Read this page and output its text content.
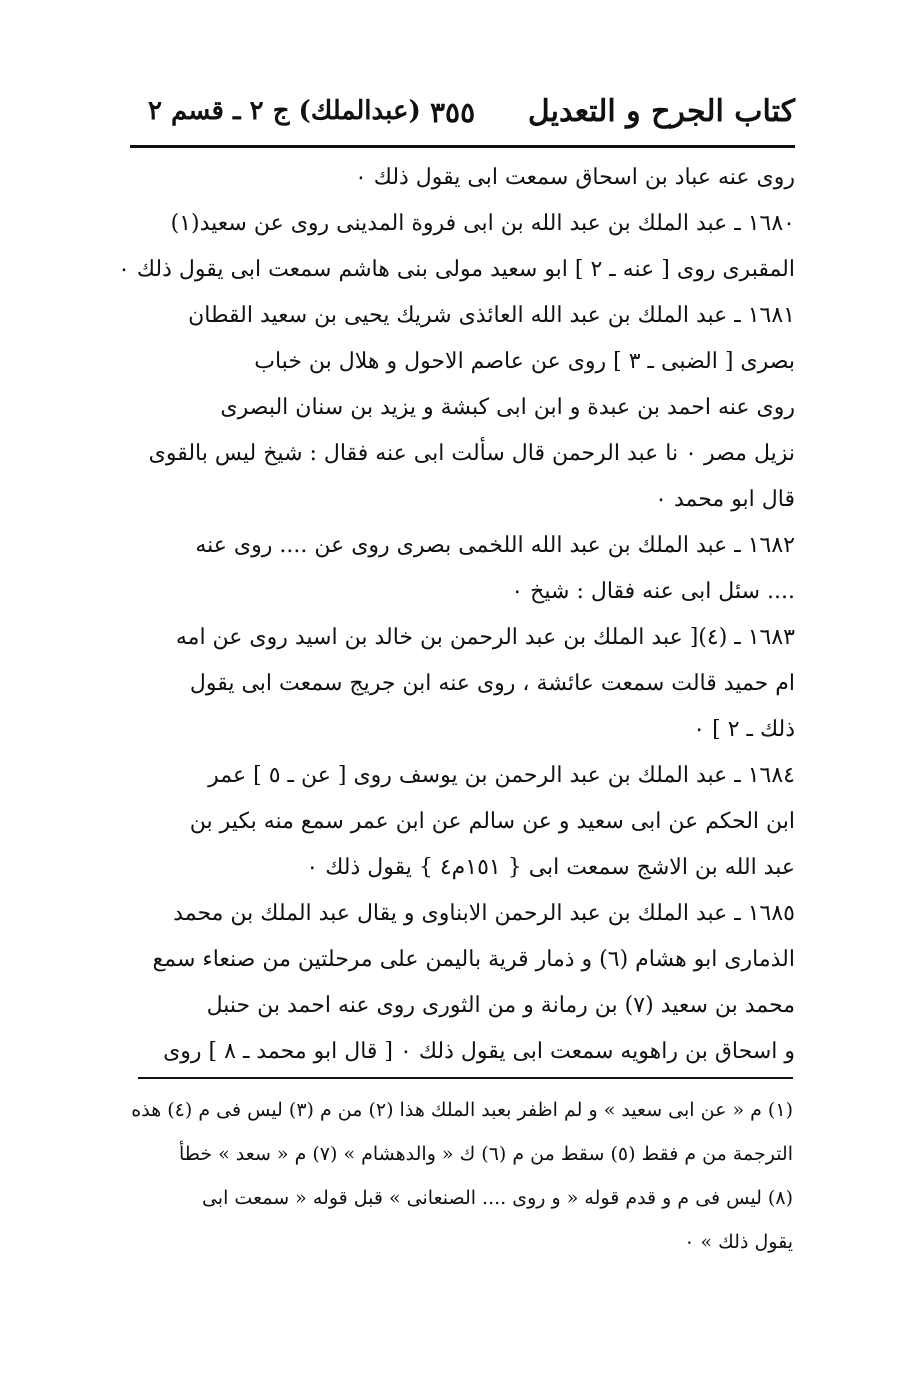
كتاب الجرح و التعديل
٣٥٥
(عبدالملك) ج ٢ ـ قسم ٢
روى عنه عباد بن اسحاق سمعت ابى يقول ذلك ٠
١٦٨٠ ـ عبد الملك بن عبد الله بن ابى فروة المدينى روى عن سعيد(١)
المقبرى روى [ عنه ـ ٢ ] ابو سعيد مولى بنى هاشم سمعت ابى يقول ذلك ٠
١٦٨١ ـ عبد الملك بن عبد الله العائذى شريك يحيى بن سعيد القطان
بصرى [ الضبى ـ ٣ ] روى عن عاصم الاحول و هلال بن خباب
روى عنه احمد بن عبدة و ابن ابى كبشة و يزيد بن سنان البصرى
نزيل مصر ٠ نا عبد الرحمن قال سألت ابى عنه فقال : شيخ ليس بالقوى
قال ابو محمد ٠
١٦٨٢ ـ عبد الملك بن عبد الله اللخمى بصرى روى عن .... روى عنه
.... سئل ابى عنه فقال : شيخ ٠
١٦٨٣ ـ (٤)[ عبد الملك بن عبد الرحمن بن خالد بن اسيد روى عن امه
ام حميد قالت سمعت عائشة ، روى عنه ابن جريج سمعت ابى يقول
ذلك ـ ٢ ] ٠
١٦٨٤ ـ عبد الملك بن عبد الرحمن بن يوسف روى [ عن ـ ٥ ] عمر
ابن الحكم عن ابى سعيد و عن سالم عن ابن عمر سمع منه بكير بن
عبد الله بن الاشج سمعت ابى { ١٥١م٤ } يقول ذلك ٠
١٦٨٥ ـ عبد الملك بن عبد الرحمن الابناوى و يقال عبد الملك بن محمد
الذمارى ابو هشام (٦) و ذمار قرية باليمن على مرحلتين من صنعاء سمع
محمد بن سعيد (٧) بن رمانة و من الثورى روى عنه احمد بن حنبل
و اسحاق بن راهويه سمعت ابى يقول ذلك ٠ [ قال ابو محمد ـ ٨ ] روى
(١) م « عن ابى سعيد » و لم اظفر بعبد الملك هذا (٢) من م (٣) ليس فى م (٤) هذه
الترجمة من م فقط (٥) سقط من م (٦) ك « والدهشام » (٧) م « سعد » خطأ
(٨) ليس فى م و قدم قوله « و روى .... الصنعانى » قبل قوله « سمعت ابى
يقول ذلك » ٠
